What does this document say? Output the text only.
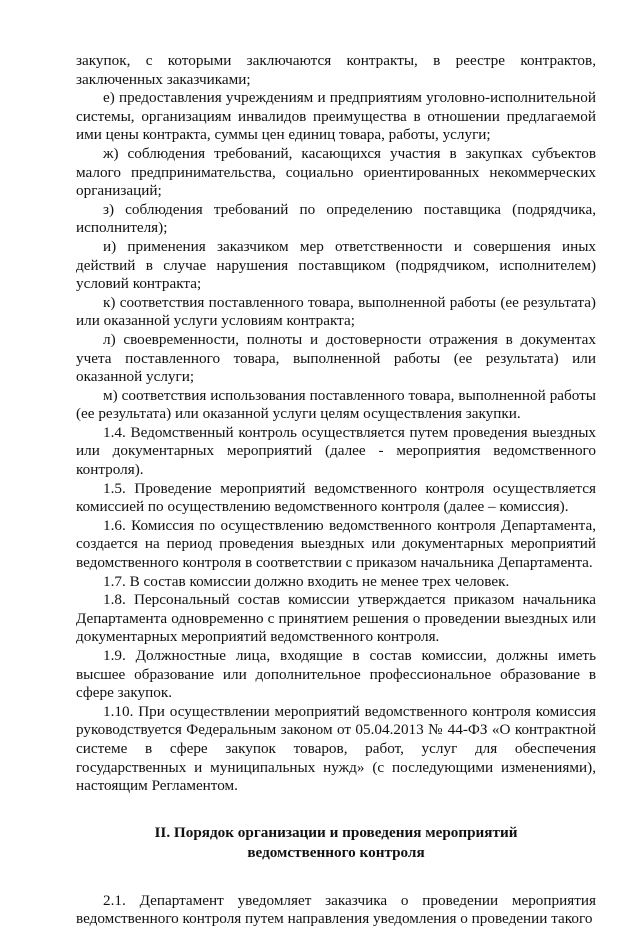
закупок, с которыми заключаются контракты, в реестре контрактов, заключенных заказчиками;

е) предоставления учреждениям и предприятиям уголовно-исполнительной системы, организациям инвалидов преимущества в отношении предлагаемой ими цены контракта, суммы цен единиц товара, работы, услуги;

ж) соблюдения требований, касающихся участия в закупках субъектов малого предпринимательства, социально ориентированных некоммерческих организаций;

з) соблюдения требований по определению поставщика (подрядчика, исполнителя);

и) применения заказчиком мер ответственности и совершения иных действий в случае нарушения поставщиком (подрядчиком, исполнителем) условий контракта;

к) соответствия поставленного товара, выполненной работы (ее результата) или оказанной услуги условиям контракта;

л) своевременности, полноты и достоверности отражения в документах учета поставленного товара, выполненной работы (ее результата) или оказанной услуги;

м) соответствия использования поставленного товара, выполненной работы (ее результата) или оказанной услуги целям осуществления закупки.

1.4. Ведомственный контроль осуществляется путем проведения выездных или документарных мероприятий (далее - мероприятия ведомственного контроля).

1.5. Проведение мероприятий ведомственного контроля осуществляется комиссией по осуществлению ведомственного контроля (далее – комиссия).

1.6. Комиссия по осуществлению ведомственного контроля Департамента, создается на период проведения выездных или документарных мероприятий ведомственного контроля в соответствии с приказом начальника Департамента.

1.7. В состав комиссии должно входить не менее трех человек.

1.8. Персональный состав комиссии утверждается приказом начальника Департамента одновременно с принятием решения о проведении выездных или документарных мероприятий ведомственного контроля.

1.9. Должностные лица, входящие в состав комиссии, должны иметь высшее образование или дополнительное профессиональное образование в сфере закупок.

1.10. При осуществлении мероприятий ведомственного контроля комиссия руководствуется Федеральным законом от 05.04.2013 № 44-ФЗ «О контрактной системе в сфере закупок товаров, работ, услуг для обеспечения государственных и муниципальных нужд» (с последующими изменениями), настоящим Регламентом.

II. Порядок организации и проведения мероприятий

ведомственного контроля

2.1. Департамент уведомляет заказчика о проведении мероприятия ведомственного контроля путем направления уведомления о проведении такого
